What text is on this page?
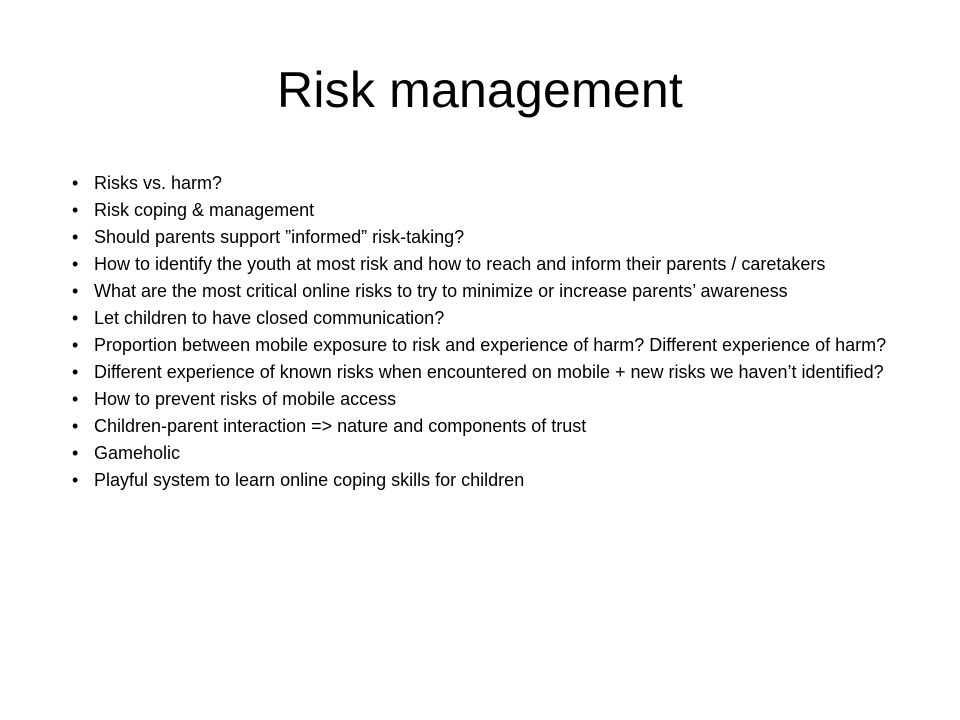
Risk management
• Risks vs. harm?
• Risk coping & management
• Should parents support ”informed” risk-taking?
• How to identify the youth at most risk and how to reach and inform their parents / caretakers
• What are the most critical online risks to try to minimize or increase parents’ awareness
• Let children to have closed communication?
• Proportion between mobile exposure to risk and experience of harm? Different experience of harm?
• Different experience of known risks when encountered on mobile + new risks we haven’t identified?
• How to prevent risks of mobile access
• Children-parent interaction => nature and components of trust
• Gameholic
• Playful system to learn online coping skills for children
